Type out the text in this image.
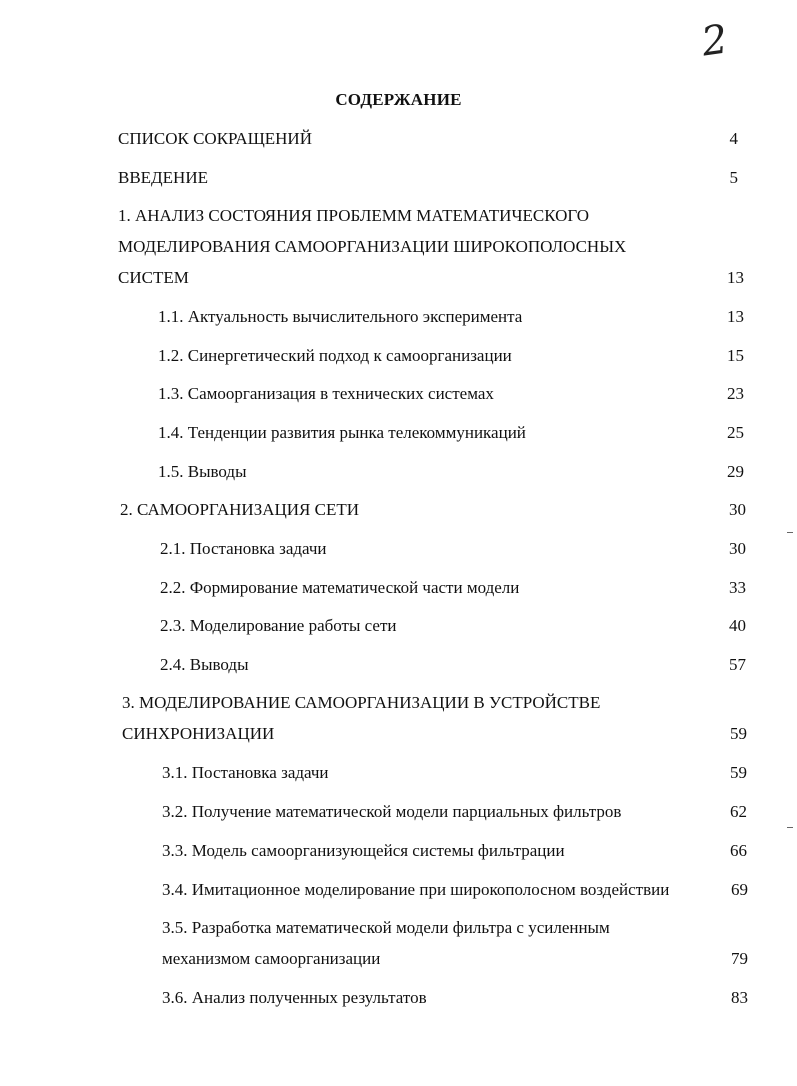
2
СОДЕРЖАНИЕ
СПИСОК СОКРАЩЕНИЙ	4
ВВЕДЕНИЕ	5
1. АНАЛИЗ СОСТОЯНИЯ ПРОБЛЕММ МАТЕМАТИЧЕСКОГО
МОДЕЛИРОВАНИЯ САМООРГАНИЗАЦИИ ШИРОКОПОЛОСНЫХ
СИСТЕМ	13
1.1. Актуальность вычислительного эксперимента	13
1.2. Синергетический подход к самоорганизации	15
1.3. Самоорганизация в технических системах	23
1.4. Тенденции развития рынка телекоммуникаций	25
1.5. Выводы	29
2. САМООРГАНИЗАЦИЯ СЕТИ	30
2.1. Постановка задачи	30
2.2. Формирование математической части модели	33
2.3. Моделирование работы сети	40
2.4. Выводы	57
3. МОДЕЛИРОВАНИЕ САМООРГАНИЗАЦИИ В УСТРОЙСТВЕ
СИНХРОНИЗАЦИИ	59
3.1. Постановка задачи	59
3.2. Получение математической модели парциальных фильтров	62
3.3. Модель самоорганизующейся системы фильтрации	66
3.4. Имитационное моделирование при широкополосном воздействии	69
3.5. Разработка математической модели фильтра с усиленным
механизмом самоорганизации	79
3.6. Анализ полученных результатов	83
